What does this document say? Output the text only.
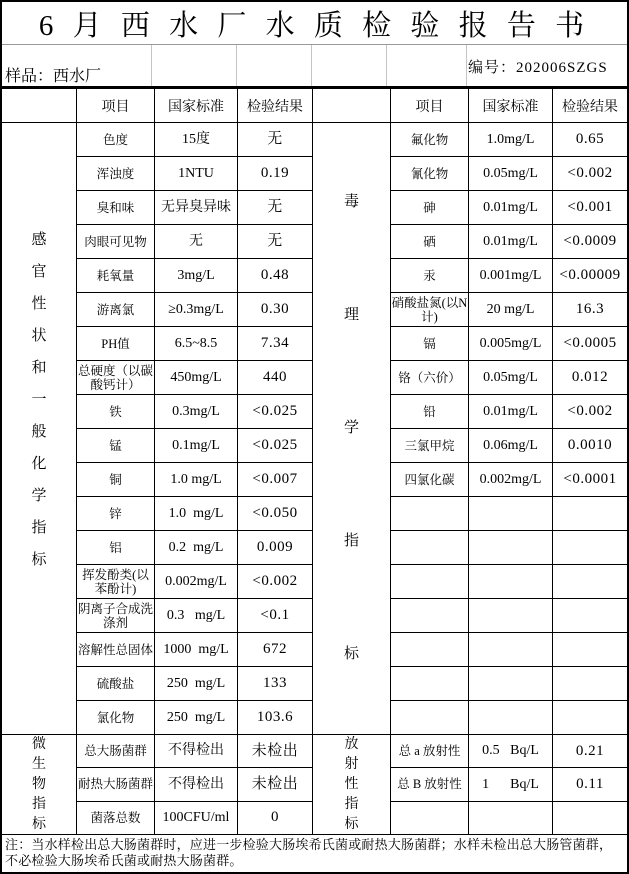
6 月 西 水 厂 水 质 检 验 报 告 书
样品：西水厂	编号：202006SZGS
项目	国家标准	检验结果	项目	国家标准	检验结果
感官性状和一般化学指标
色度	15度	无
浑浊度	1NTU	0.19
臭和味	无异臭异味	无
肉眼可见物	无	无
耗氧量	3mg/L	0.48
游离氯	≥0.3mg/L	0.30
PH值	6.5~8.5	7.34
总硬度（以碳酸钙计）	450mg/L	440
铁	0.3mg/L	<0.025
锰	0.1mg/L	<0.025
铜	1.0 mg/L	<0.007
锌	1.0  mg/L	<0.050
铝	0.2  mg/L	0.009
挥发酚类(以苯酚计)	0.002mg/L	<0.002
阴离子合成洗涤剂	0.3   mg/L	<0.1
溶解性总固体 1000  mg/L	672
硫酸盐	250  mg/L	133
氯化物	250  mg/L	103.6
毒理学指标
氟化物	1.0mg/L	0.65
氰化物	0.05mg/L	<0.002
砷	0.01mg/L	<0.001
硒	0.01mg/L	<0.0009
汞	0.001mg/L	<0.00009
硝酸盐氮(以N计)	20 mg/L	16.3
镉	0.005mg/L	<0.0005
铬（六价）	0.05mg/L	0.012
铅	0.01mg/L	<0.002
三氯甲烷	0.06mg/L	0.0010
四氯化碳	0.002mg/L	<0.0001
微生物指标
总大肠菌群	不得检出	未检出
耐热大肠菌群	不得检出	未检出
菌落总数	100CFU/ml	0
放射性指标
总 a 放射性	0.5   Bq/L	0.21
总 B 放射性	1      Bq/L	0.11
注：当水样检出总大肠菌群时，应进一步检验大肠埃希氏菌或耐热大肠菌群；水样未检出总大肠管菌群，不必检验大肠埃希氏菌或耐热大肠菌群。
